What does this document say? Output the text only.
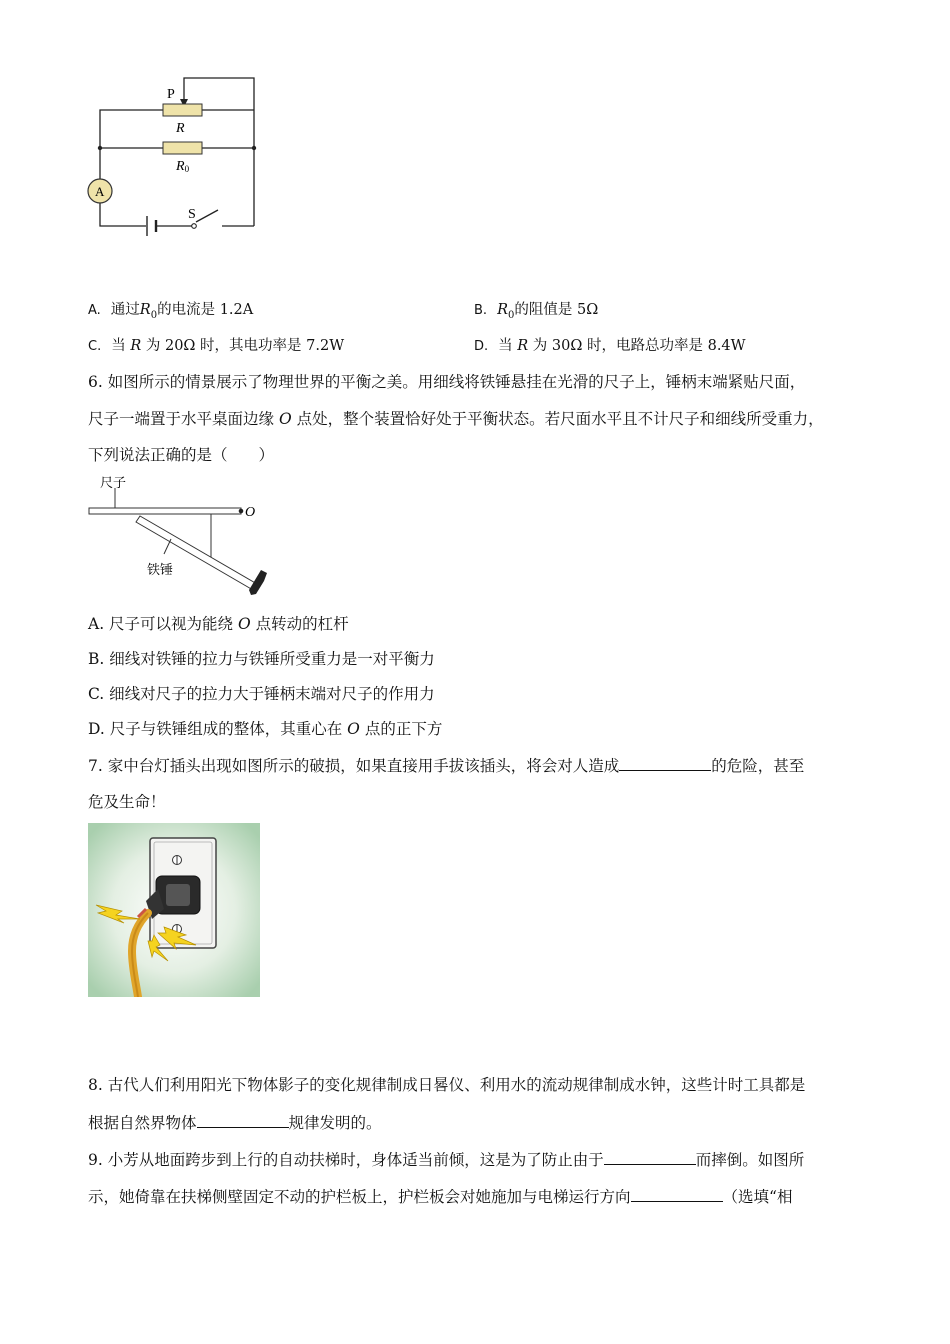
P
R
R0
A
S
A. 通过$R_0$的电流是 1.2A	B. $R_0$的阻值是 5Ω
C. 当 R 为 20Ω 时，其电功率是 7.2W	D. 当 R 为 30Ω 时，电路总功率是 8.4W
6. 如图所示的情景展示了物理世界的平衡之美。用细线将铁锤悬挂在光滑的尺子上，锤柄末端紧贴尺面，
尺子一端置于水平桌面边缘 O 点处，整个装置恰好处于平衡状态。若尺面水平且不计尺子和细线所受重力，
下列说法正确的是（　　）
尺子
O
铁锤
A. 尺子可以视为能绕 O 点转动的杠杆
B. 细线对铁锤的拉力与铁锤所受重力是一对平衡力
C. 细线对尺子的拉力大于锤柄末端对尺子的作用力
D. 尺子与铁锤组成的整体，其重心在 O 点的正下方
7. 家中台灯插头出现如图所示的破损，如果直接用手拔该插头，将会对人造成	的危险，甚至
危及生命！
8. 古代人们利用阳光下物体影子的变化规律制成日晷仪、利用水的流动规律制成水钟，这些计时工具都是
根据自然界物体	规律发明的。
9. 小芳从地面跨步到上行的自动扶梯时，身体适当前倾，这是为了防止由于	而摔倒。如图所
示，她倚靠在扶梯侧壁固定不动的护栏板上，护栏板会对她施加与电梯运行方向	（选填“相
